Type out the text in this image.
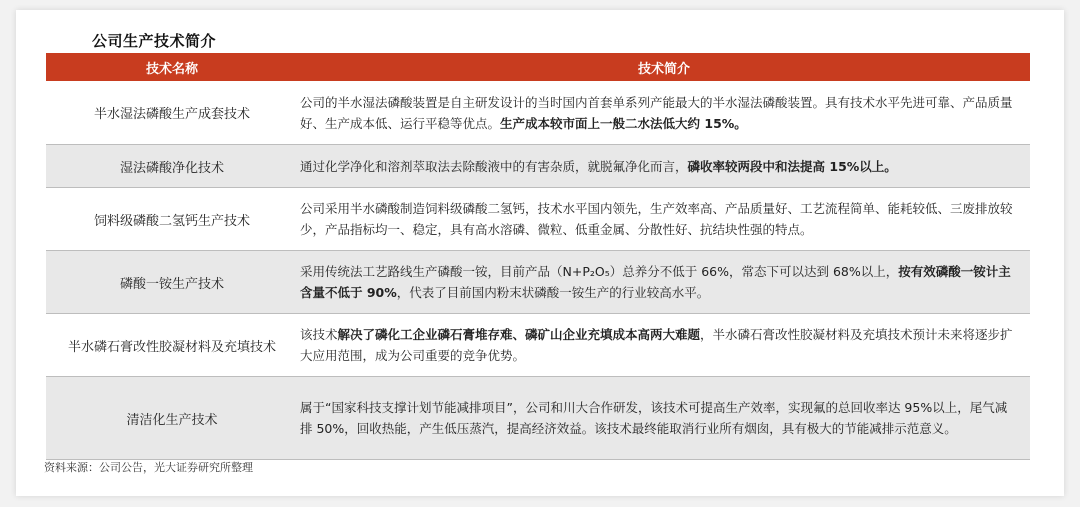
公司生产技术简介
技术名称	技术简介
半水湿法磷酸生产成套技术
公司的半水湿法磷酸装置是自主研发设计的当时国内首套单系列产能最大的半水湿法磷酸装置。具有技术水平先进可靠、产品质量好、生产成本低、运行平稳等优点。生产成本较市面上一般二水法低大约 15%。
湿法磷酸净化技术	通过化学净化和溶剂萃取法去除酸液中的有害杂质，就脱氟净化而言，磷收率较两段中和法提高 15%以上。
饲料级磷酸二氢钙生产技术
公司采用半水磷酸制造饲料级磷酸二氢钙，技术水平国内领先，生产效率高、产品质量好、工艺流程简单、能耗较低、三废排放较少，产品指标均一、稳定，具有高水溶磷、微粒、低重金属、分散性好、抗结块性强的特点。
磷酸一铵生产技术
采用传统法工艺路线生产磷酸一铵，目前产品（N+P₂O₅）总养分不低于 66%，常态下可以达到 68%以上，按有效磷酸一铵计主含量不低于 90%，代表了目前国内粉末状磷酸一铵生产的行业较高水平。
半水磷石膏改性胶凝材料及充填技术
该技术解决了磷化工企业磷石膏堆存难、磷矿山企业充填成本高两大难题，半水磷石膏改性胶凝材料及充填技术预计未来将逐步扩大应用范围，成为公司重要的竞争优势。
清洁化生产技术
属于“国家科技支撑计划节能减排项目”，公司和川大合作研发，该技术可提高生产效率，实现氟的总回收率达 95%以上，尾气减排 50%，回收热能，产生低压蒸汽，提高经济效益。该技术最终能取消行业所有烟囱，具有极大的节能减排示范意义。
资料来源：公司公告，光大证券研究所整理
